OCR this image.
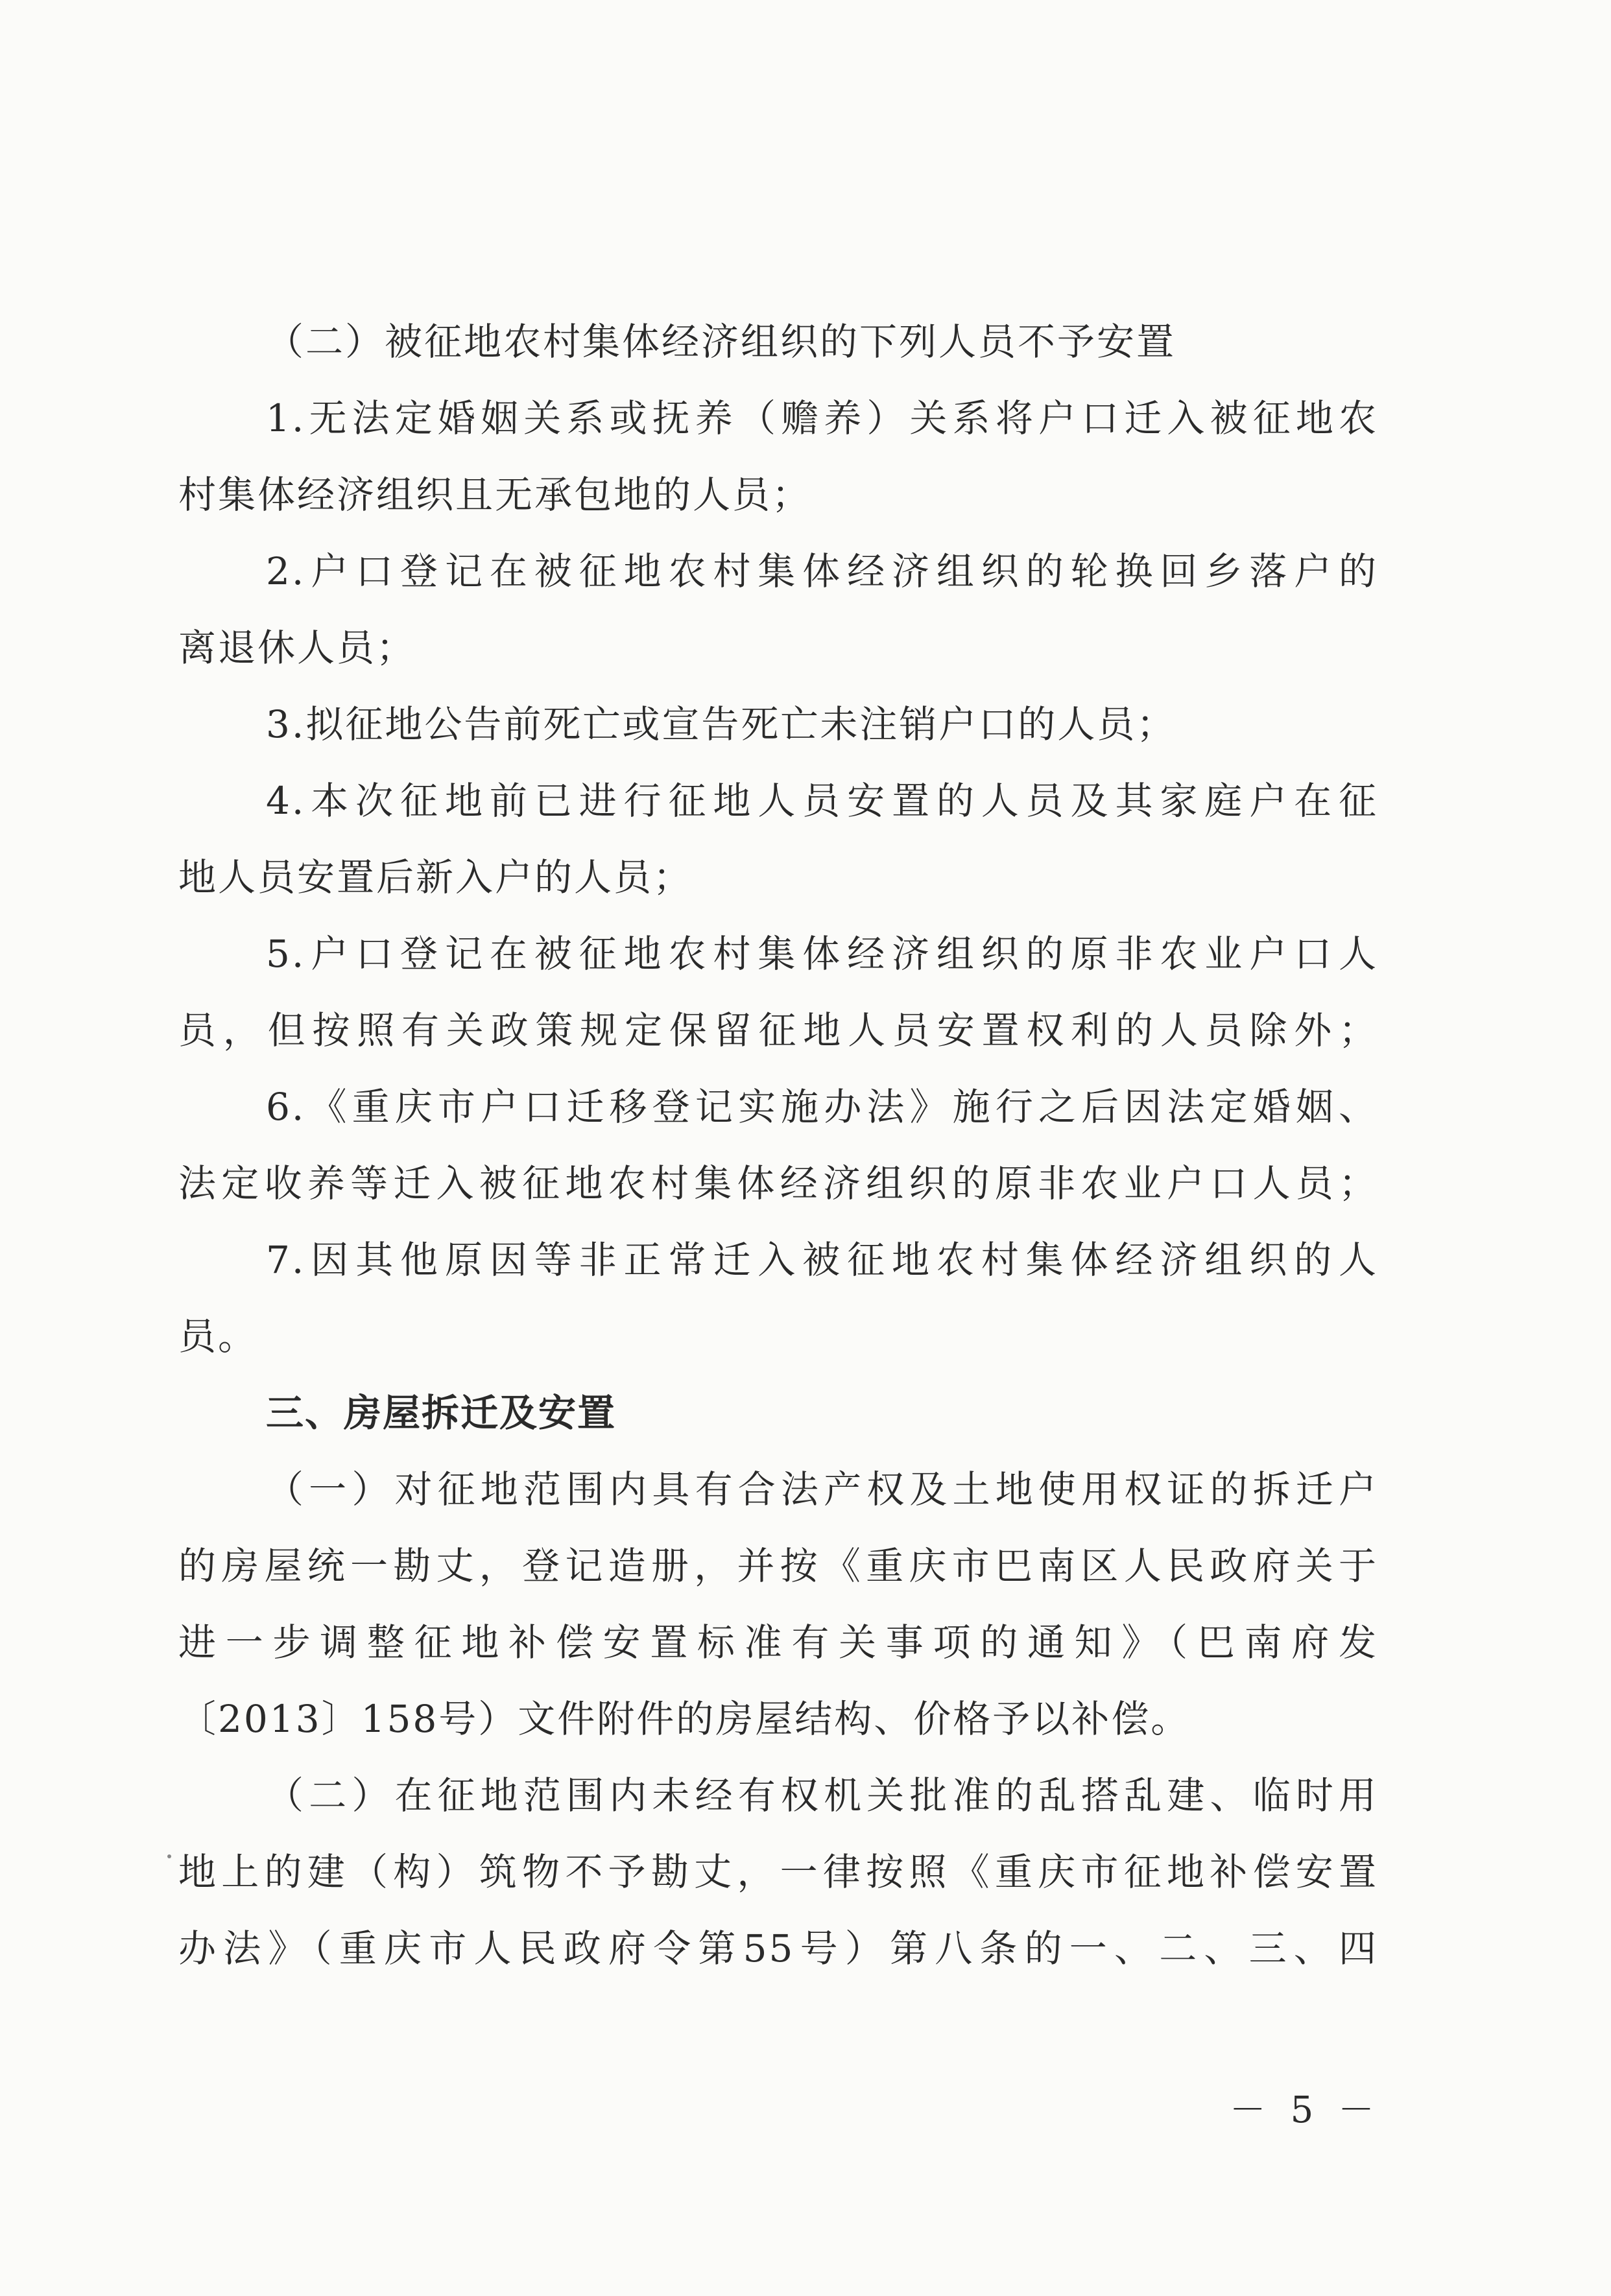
（二）被征地农村集体经济组织的下列人员不予安置
1.无法定婚姻关系或抚养（赡养）关系将户口迁入被征地农
村集体经济组织且无承包地的人员；
2.户口登记在被征地农村集体经济组织的轮换回乡落户的
离退休人员；
3.拟征地公告前死亡或宣告死亡未注销户口的人员；
4.本次征地前已进行征地人员安置的人员及其家庭户在征
地人员安置后新入户的人员；
5.户口登记在被征地农村集体经济组织的原非农业户口人
员，但按照有关政策规定保留征地人员安置权利的人员除外；
6.《重庆市户口迁移登记实施办法》施行之后因法定婚姻、
法定收养等迁入被征地农村集体经济组织的原非农业户口人员；
7.因其他原因等非正常迁入被征地农村集体经济组织的人
员。
三、房屋拆迁及安置
（一）对征地范围内具有合法产权及土地使用权证的拆迁户
的房屋统一勘丈，登记造册，并按《重庆市巴南区人民政府关于
进一步调整征地补偿安置标准有关事项的通知》（巴南府发
〔2013〕158号）文件附件的房屋结构、价格予以补偿。
（二）在征地范围内未经有权机关批准的乱搭乱建、临时用
地上的建（构）筑物不予勘丈，一律按照《重庆市征地补偿安置
办法》（重庆市人民政府令第55号）第八条的一、二、三、四
－ 5 －
